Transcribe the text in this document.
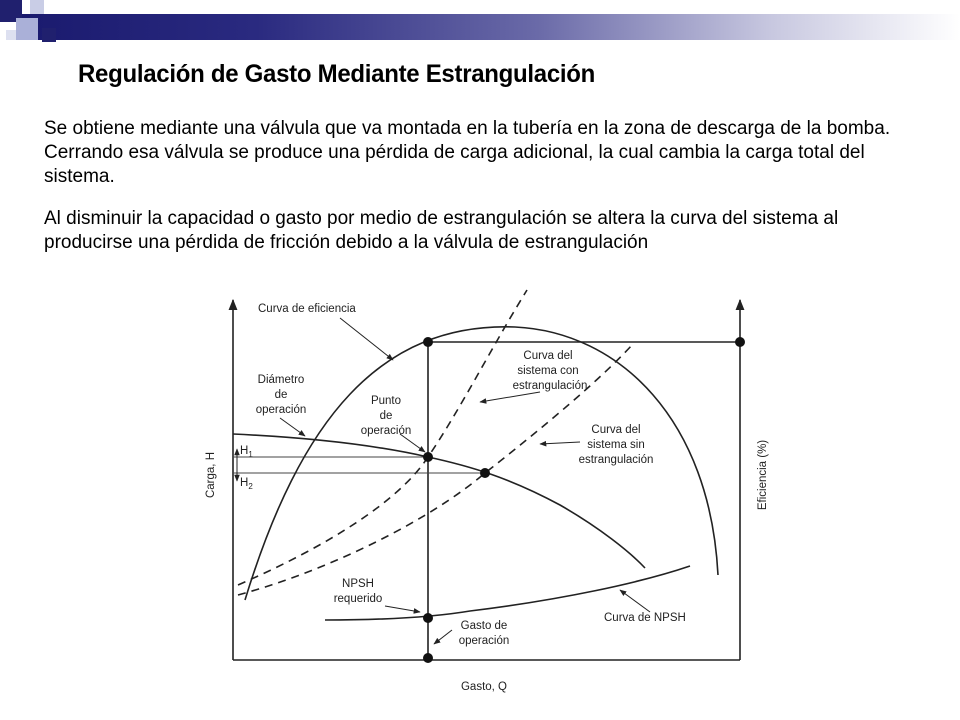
Regulación de Gasto Mediante Estrangulación
Se obtiene mediante una válvula que va montada en la tubería en la zona de descarga de la bomba. Cerrando esa válvula se produce una pérdida de carga adicional, la cual cambia la carga total del sistema.
Al disminuir la capacidad o gasto por medio de estrangulación se altera la curva del sistema al producirse una pérdida de fricción debido a la válvula de estrangulación
Curva de eficiencia
Diámetro
de
operación
Punto
de
operación
Curva del
sistema con
estrangulación
Curva del
sistema sin
estrangulación
NPSH
requerido
Curva de NPSH
Gasto de
operación
Gasto, Q
Carga, H	Eficiencia (%)
$H_1$
$H_2$
